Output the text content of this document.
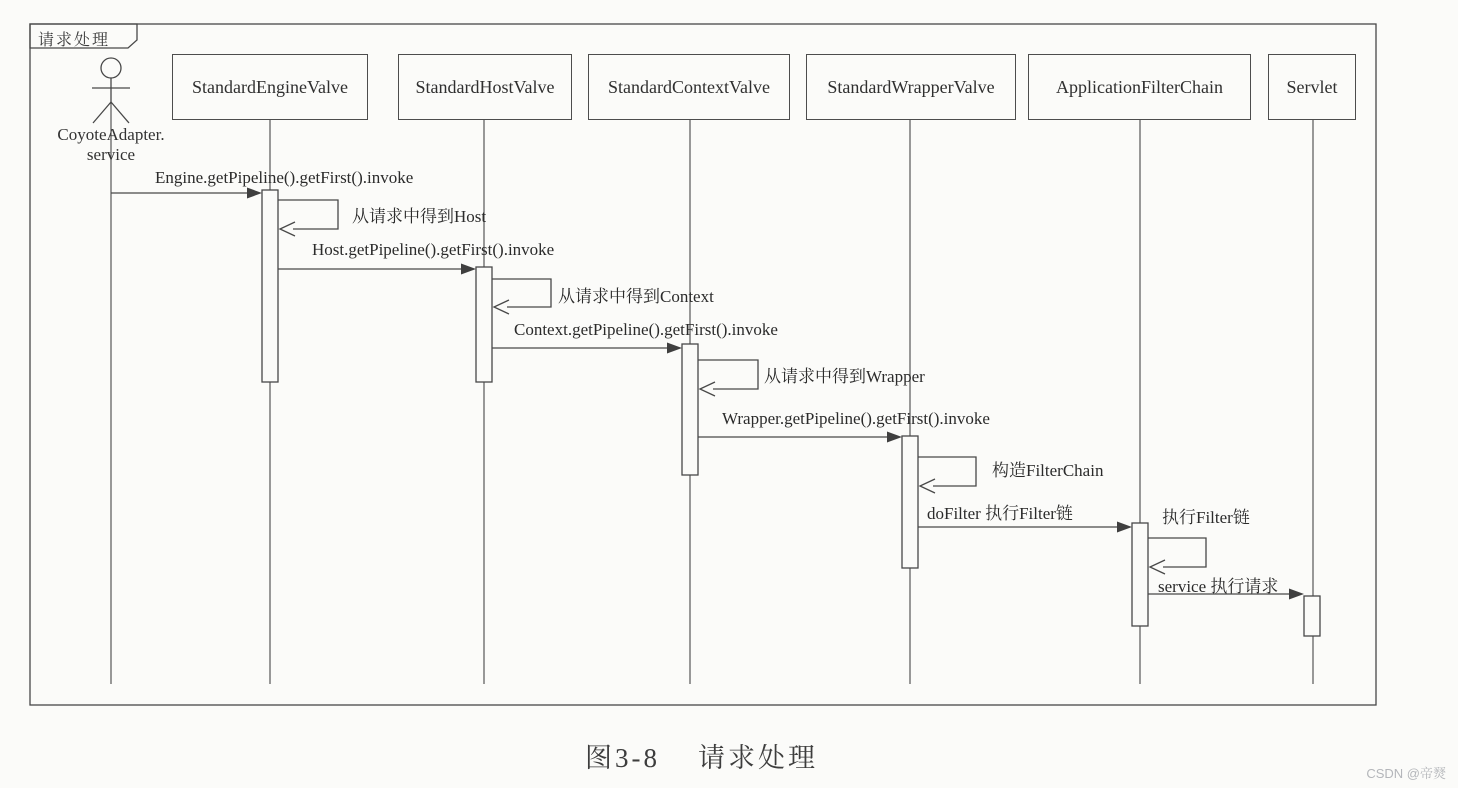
请求处理
StandardEngineValve	StandardHostValve	StandardContextValve	StandardWrapperValve	ApplicationFilterChain	Servlet
CoyoteAdapter.
service
Engine.getPipeline().getFirst().invoke
Host.getPipeline().getFirst().invoke
Context.getPipeline().getFirst().invoke
Wrapper.getPipeline().getFirst().invoke
doFilter 执行Filter链
service 执行请求
从请求中得到Host
从请求中得到Context
从请求中得到Wrapper
构造FilterChain
执行Filter链
图3-8 请求处理
CSDN @帝燹
